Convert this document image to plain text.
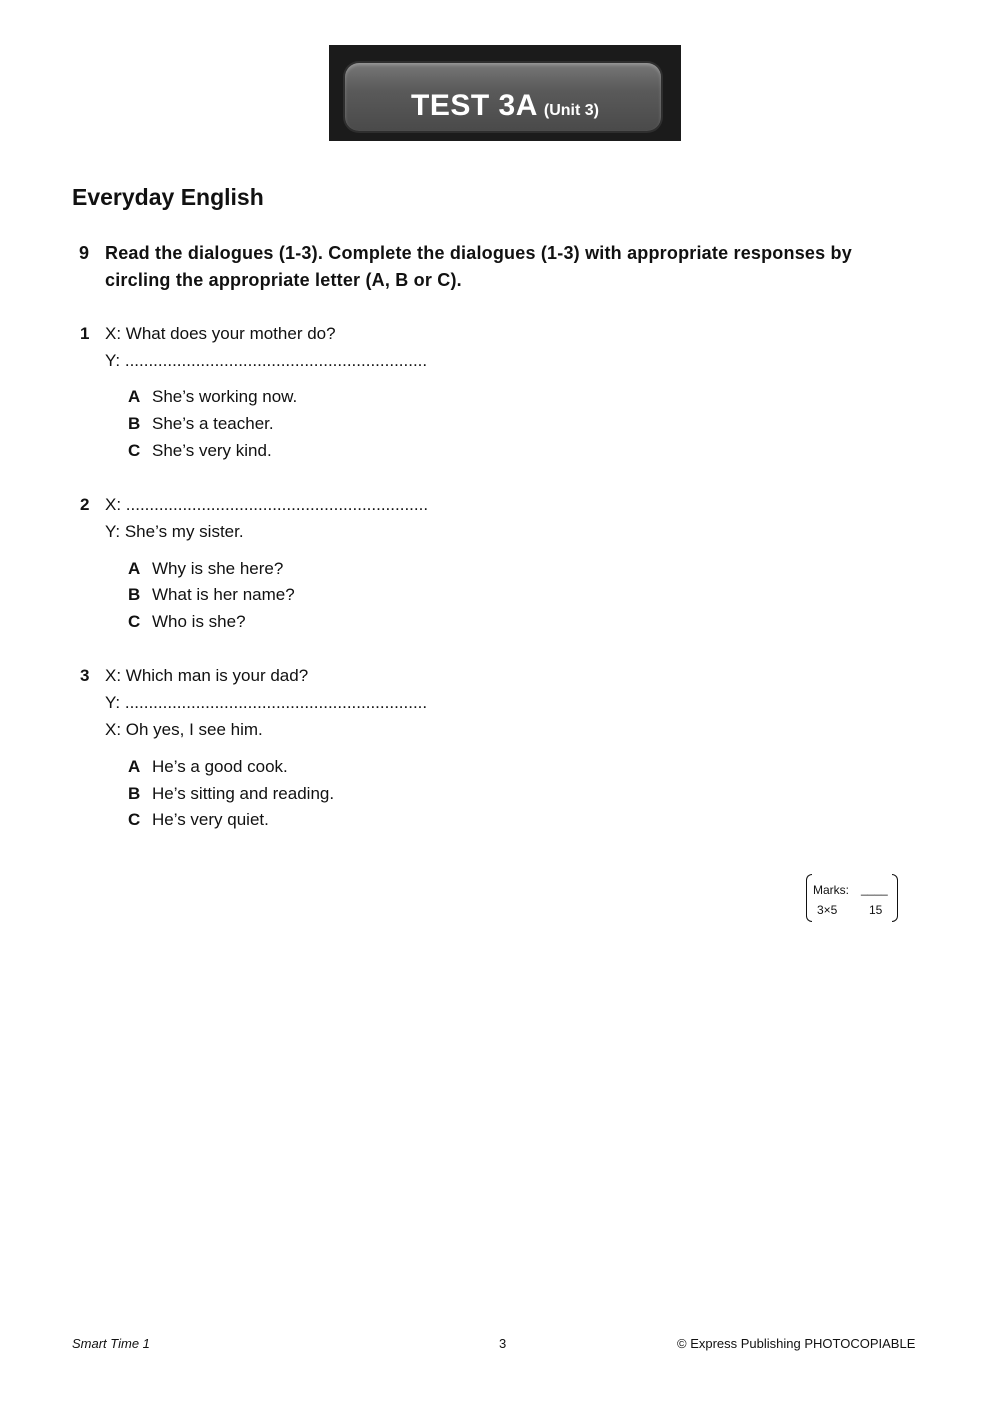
TEST 3A (Unit 3)
Everyday English
9 Read the dialogues (1-3). Complete the dialogues (1-3) with appropriate responses by circling the appropriate letter (A, B or C).
1 X: What does your mother do?
Y: ................................................................
A She’s working now.
B She’s a teacher.
C She’s very kind.
2 X: ................................................................
Y: She’s my sister.
A Why is she here?
B What is her name?
C Who is she?
3 X: Which man is your dad?
Y: ................................................................
X: Oh yes, I see him.
A He’s a good cook.
B He’s sitting and reading.
C He’s very quiet.
Marks: ____
3×5	15
Smart Time 1	3	© Express Publishing PHOTOCOPIABLE
